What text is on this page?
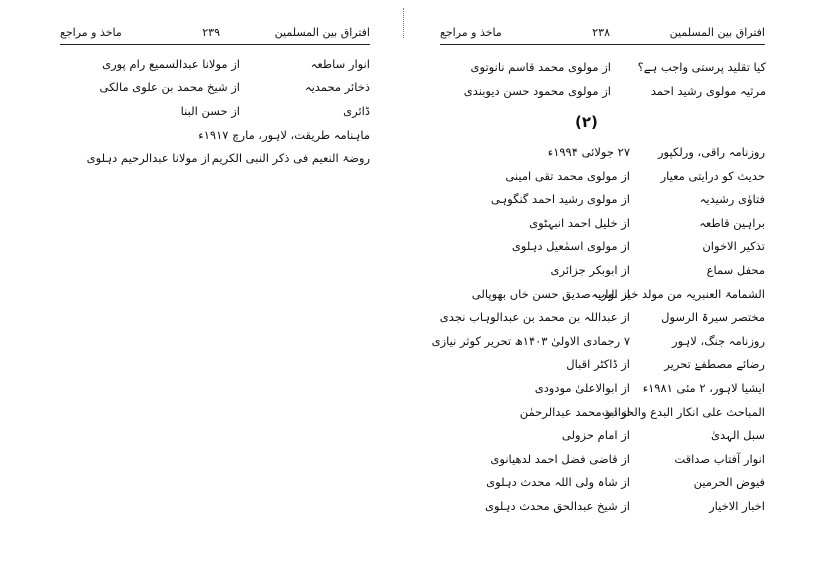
افتراق بین المسلمین
۲۳۹
ماخذ و مراجع
انوار ساطعہ
از مولانا عبدالسمیع رام پوری
ذخائر محمدیہ
از شیخ محمد بن علوی مالکی
ڈائری
از حسن البنا
ماہنامہ طریقت، لاہور، مارچ ۱۹۱۷ء
روضۃ النعیم فی ذکر النبی الکریم
از مولانا عبدالرحیم دہلوی
افتراق بین المسلمین
۲۳۸
ماخذ و مراجع
کیا تقلید پرستی واجب ہے؟
از مولوی محمد قاسم نانوتوی
مرثیہ مولوی رشید احمد
از مولوی محمود حسن دیوبندی
(۲)
روزنامہ راقی، ورلکپور
۲۷ جولائی ۱۹۹۴ء
حدیث کو درایتی معیار
از مولوی محمد تقی امینی
فتاوٰی رشیدیہ
از مولوی رشید احمد گنگوہی
براہین قاطعہ
از خلیل احمد انبہٹوی
تذکیر الاخوان
از مولوی اسمٰعیل دہلوی
محفل سماع
از ابوبکر جزائری
الشمامۃ العنبریہ من مولد خیر البریہ
از نواب صدیق حسن خاں بھوپالی
مختصر سیرۃ الرسول
از عبداللہ بن محمد بن عبدالوہاب نجدی
روزنامہ جنگ، لاہور
۷ رجمادی الاولیٰ ۱۴۰۳ھ تحریر کوثر نیازی
رضائے مصطفےٰ تحریر
از ڈاکٹر اقبال
ایشیا لاہور، ۲ مئی ۱۹۸۱ء
از ابوالاعلیٰ مودودی
المباحث علی انکار البدع والحوادث
از ابو محمد عبدالرحمٰن
سبل الہدیٰ
از امام حزولی
انوار آفتاب صداقت
از قاضی فضل احمد لدھیانوی
فیوض الحرمین
از شاہ ولی اللہ محدث دہلوی
اخبار الاخیار
از شیخ عبدالحق محدث دہلوی
